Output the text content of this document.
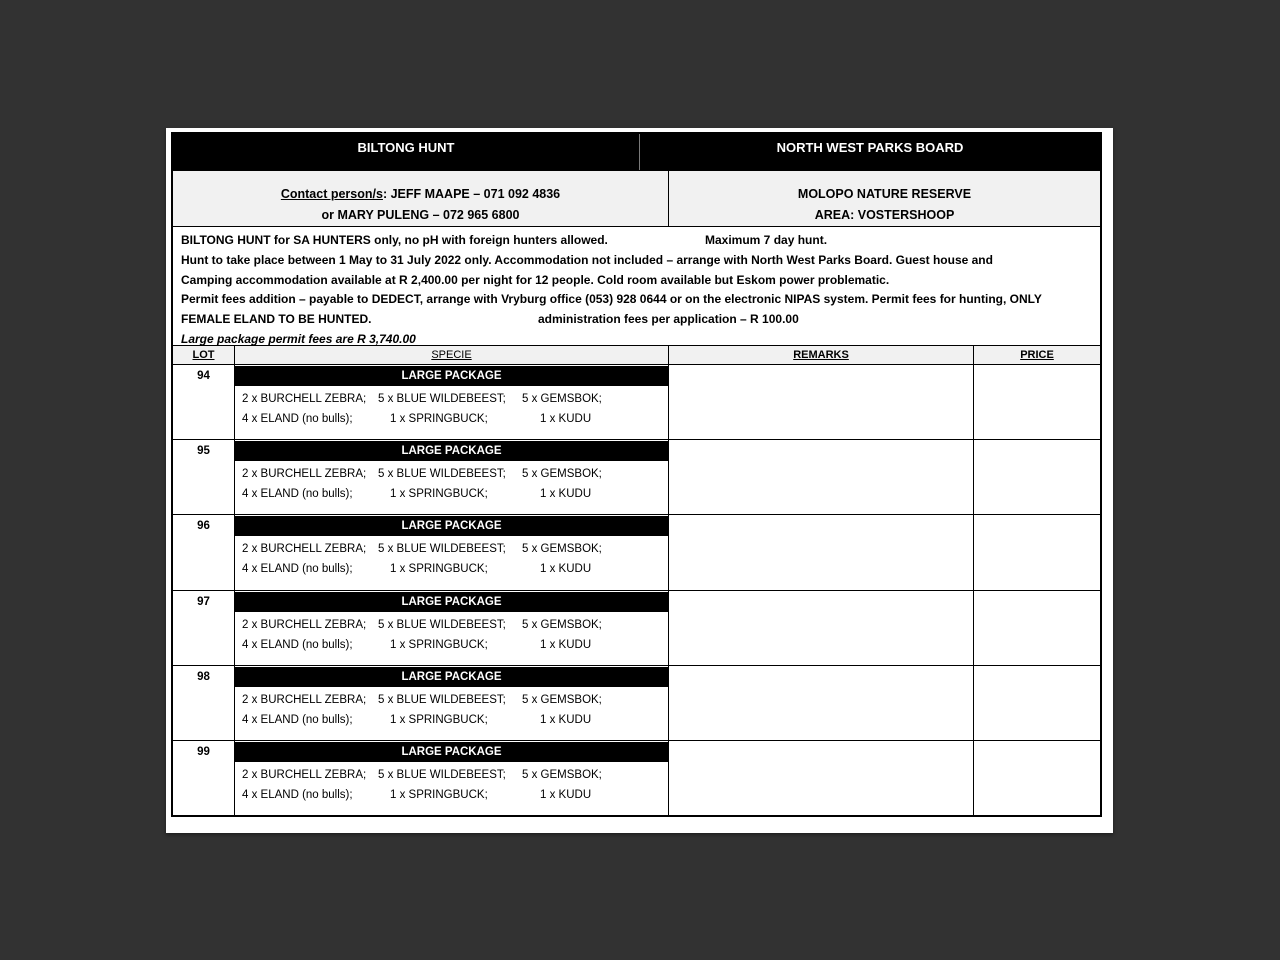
BILTONG HUNT	NORTH WEST PARKS BOARD
Contact person/s: JEFF MAAPE – 071 092 4836
or MARY PULENG – 072 965 6800
MOLOPO NATURE RESERVE
AREA: VOSTERSHOOP
BILTONG HUNT for SA HUNTERS only, no pH with foreign hunters allowed.	Maximum 7 day hunt.
Hunt to take place between 1 May to 31 July 2022 only. Accommodation not included – arrange with North West Parks Board. Guest house and
Camping accommodation available at R 2,400.00 per night for 12 people. Cold room available but Eskom power problematic.
Permit fees addition – payable to DEDECT, arrange with Vryburg office (053) 928 0644 or on the electronic NIPAS system. Permit fees for hunting, ONLY
FEMALE ELAND TO BE HUNTED.	administration fees per application – R 100.00
Large package permit fees are R 3,740.00
LOT	SPECIE	REMARKS	PRICE
94	LARGE PACKAGE
2 x BURCHELL ZEBRA;	5 x BLUE WILDEBEEST;	5 x GEMSBOK;
4 x ELAND (no bulls);	1 x SPRINGBUCK;	1 x KUDU
95	LARGE PACKAGE
2 x BURCHELL ZEBRA;	5 x BLUE WILDEBEEST;	5 x GEMSBOK;
4 x ELAND (no bulls);	1 x SPRINGBUCK;	1 x KUDU
96	LARGE PACKAGE
2 x BURCHELL ZEBRA;	5 x BLUE WILDEBEEST;	5 x GEMSBOK;
4 x ELAND (no bulls);	1 x SPRINGBUCK;	1 x KUDU
97	LARGE PACKAGE
2 x BURCHELL ZEBRA;	5 x BLUE WILDEBEEST;	5 x GEMSBOK;
4 x ELAND (no bulls);	1 x SPRINGBUCK;	1 x KUDU
98	LARGE PACKAGE
2 x BURCHELL ZEBRA;	5 x BLUE WILDEBEEST;	5 x GEMSBOK;
4 x ELAND (no bulls);	1 x SPRINGBUCK;	1 x KUDU
99	LARGE PACKAGE
2 x BURCHELL ZEBRA;	5 x BLUE WILDEBEEST;	5 x GEMSBOK;
4 x ELAND (no bulls);	1 x SPRINGBUCK;	1 x KUDU
